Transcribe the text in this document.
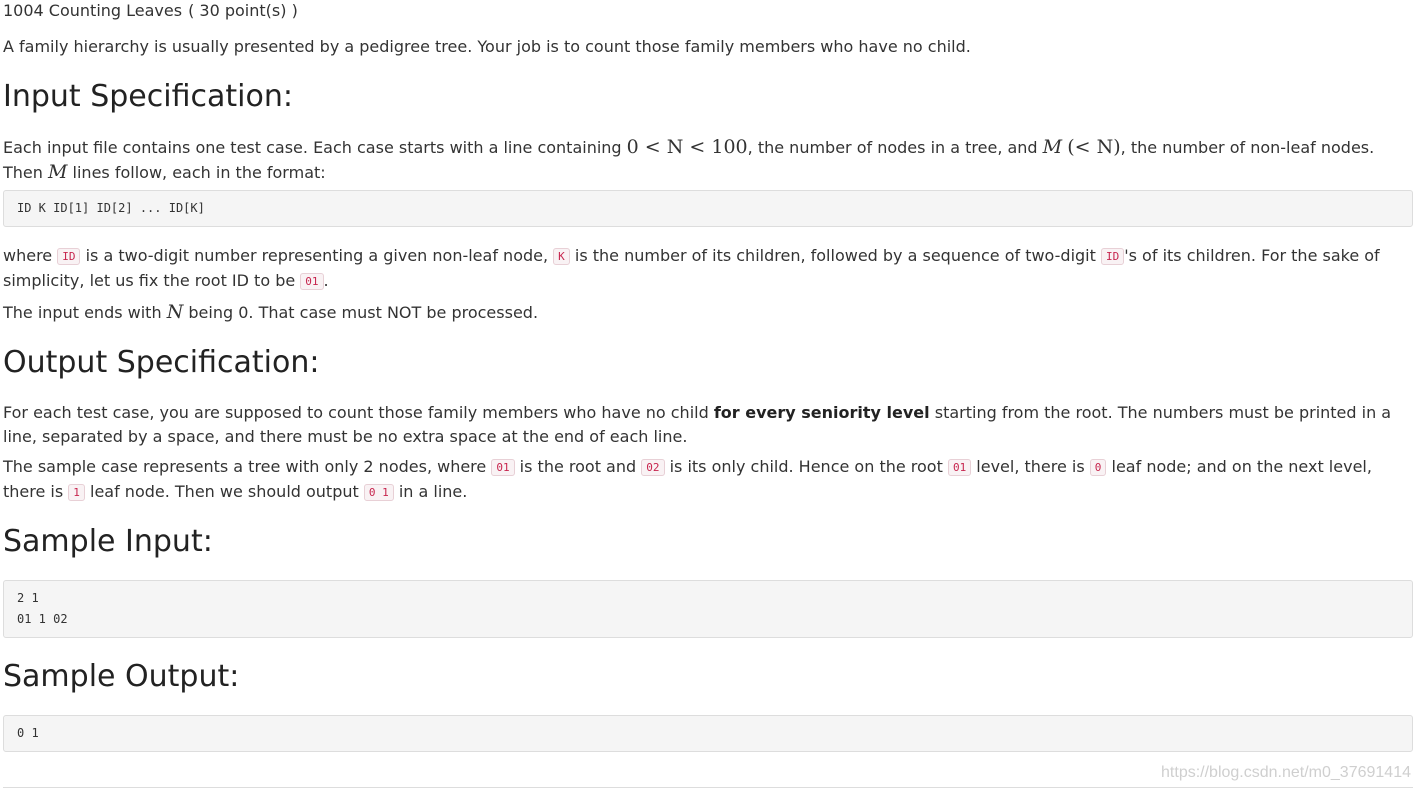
1004 Counting Leaves ( 30 point(s) )

A family hierarchy is usually presented by a pedigree tree. Your job is to count those family members who have no child.

Input Specification:

Each input file contains one test case. Each case starts with a line containing 0 < N < 100, the number of nodes in a tree, and M (< N), the number of non-leaf nodes. Then M lines follow, each in the format:

ID K ID[1] ID[2] ... ID[K]

where ID is a two-digit number representing a given non-leaf node, K is the number of its children, followed by a sequence of two-digit ID 's of its children. For the sake of simplicity, let us fix the root ID to be 01 .

The input ends with N being 0. That case must NOT be processed.

Output Specification:

For each test case, you are supposed to count those family members who have no child for every seniority level starting from the root. The numbers must be printed in a line, separated by a space, and there must be no extra space at the end of each line.

The sample case represents a tree with only 2 nodes, where 01 is the root and 02 is its only child. Hence on the root 01 level, there is 0 leaf node; and on the next level, there is 1 leaf node. Then we should output 0 1 in a line.

Sample Input:
2 1
01 1 02
Sample Output:
0 1
https://blog.csdn.net/m0_37691414
